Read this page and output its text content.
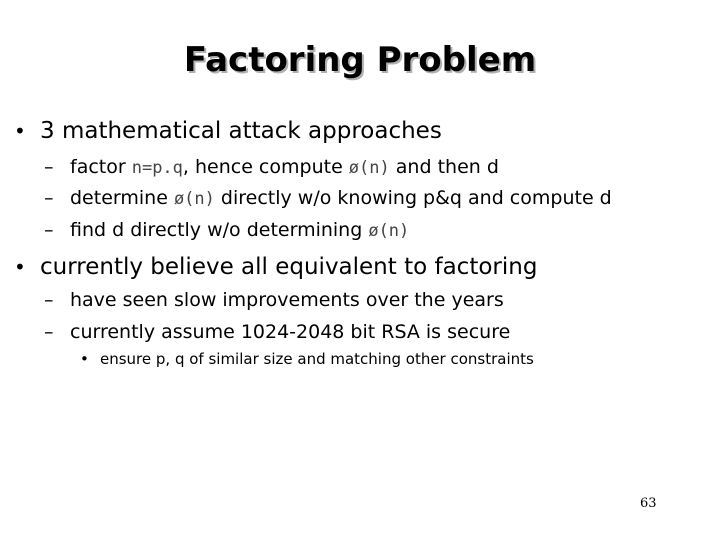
Factoring Problem
• 3 mathematical attack approaches
– factor n=p.q, hence compute ø(n) and then d
– determine ø(n) directly w/o knowing p&q and compute d
– find d directly w/o determining ø(n)
• currently believe all equivalent to factoring
– have seen slow improvements over the years
– currently assume 1024-2048 bit RSA is secure
• ensure p, q of similar size and matching other constraints
63
